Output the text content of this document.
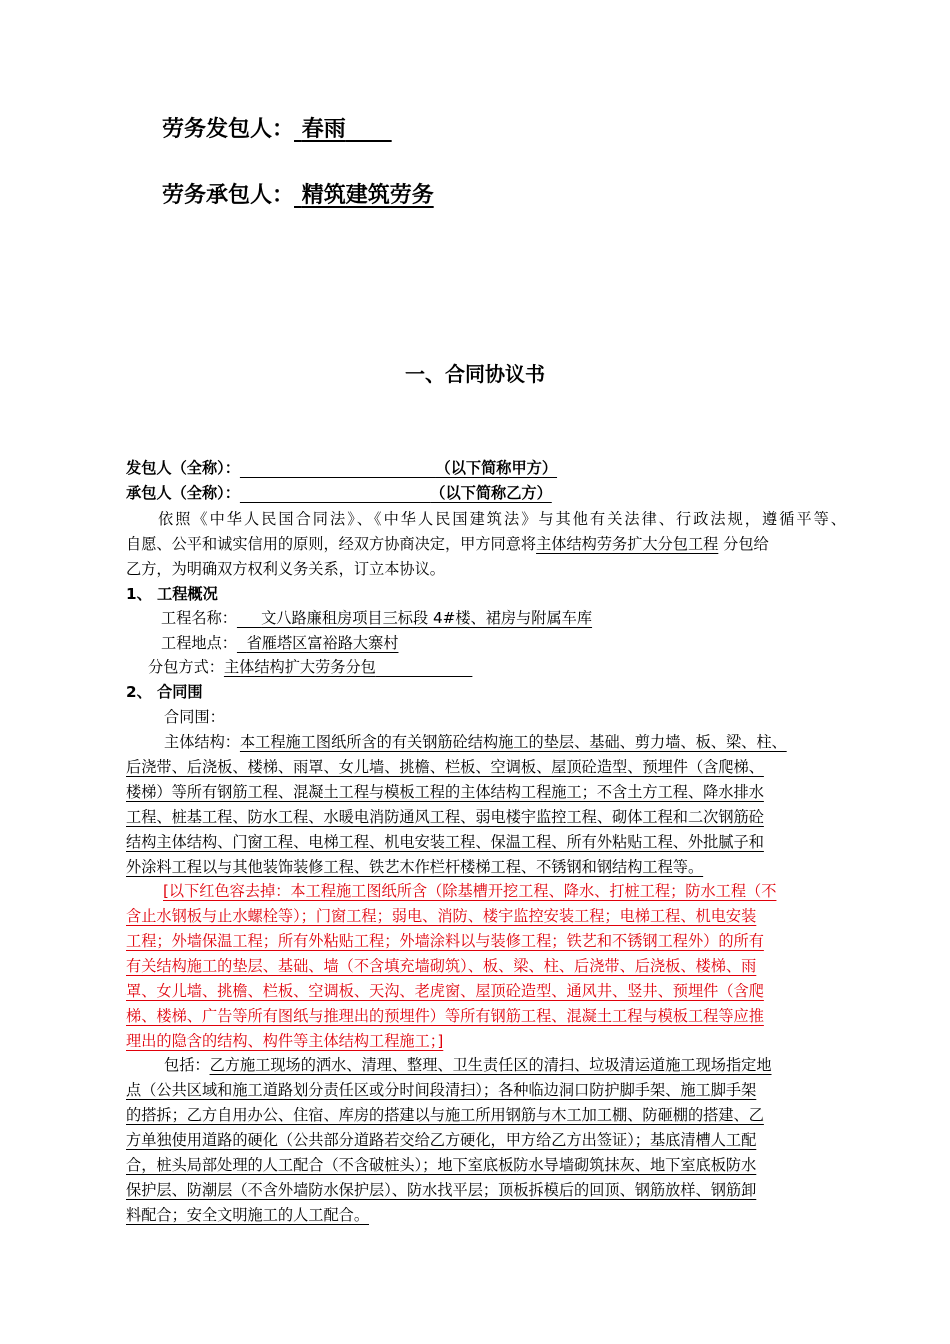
劳务发包人： 春雨
劳务承包人： 精筑建筑劳务
一、合同协议书
发包人（全称）：	（以下简称甲方）
承包人（全称）：	（以下简称乙方）
依照《中华人民国合同法》、《中华人民国建筑法》与其他有关法律、行政法规，遵循平等、
自愿、公平和诚实信用的原则，经双方协商决定，甲方同意将主体结构劳务扩大分包工程 分包给
乙方，为明确双方权利义务关系，订立本协议。
1、 工程概况
工程名称： 文八路廉租房项目三标段 4#楼、裙房与附属车库
工程地点： 省雁塔区富裕路大寨村
分包方式：主体结构扩大劳务分包
2、 合同围
合同围：
主体结构：本工程施工图纸所含的有关钢筋砼结构施工的垫层、基础、剪力墙、板、梁、柱、
后浇带、后浇板、楼梯、雨罩、女儿墙、挑檐、栏板、空调板、屋顶砼造型、预埋件（含爬梯、
楼梯）等所有钢筋工程、混凝土工程与模板工程的主体结构工程施工；不含土方工程、降水排水
工程、桩基工程、防水工程、水暖电消防通风工程、弱电楼宇监控工程、砌体工程和二次钢筋砼
结构主体结构、门窗工程、电梯工程、机电安装工程、保温工程、所有外粘贴工程、外批腻子和
外涂料工程以与其他装饰装修工程、铁艺木作栏杆楼梯工程、不锈钢和钢结构工程等。
[以下红色容去掉：本工程施工图纸所含（除基槽开挖工程、降水、打桩工程；防水工程（不
含止水钢板与止水螺栓等）；门窗工程；弱电、消防、楼宇监控安装工程；电梯工程、机电安装
工程；外墙保温工程；所有外粘贴工程；外墙涂料以与装修工程；铁艺和不锈钢工程外）的所有
有关结构施工的垫层、基础、墙（不含填充墙砌筑）、板、梁、柱、后浇带、后浇板、楼梯、雨
罩、女儿墙、挑檐、栏板、空调板、天沟、老虎窗、屋顶砼造型、通风井、竖井、预埋件（含爬
梯、楼梯、广告等所有图纸与推理出的预埋件）等所有钢筋工程、混凝土工程与模板工程等应推
理出的隐含的结构、构件等主体结构工程施工；]
包括：乙方施工现场的洒水、清理、整理、卫生责任区的清扫、垃圾清运道施工现场指定地
点（公共区域和施工道路划分责任区或分时间段清扫）；各种临边洞口防护脚手架、施工脚手架
的搭拆；乙方自用办公、住宿、库房的搭建以与施工所用钢筋与木工加工棚、防砸棚的搭建、乙
方单独使用道路的硬化（公共部分道路若交给乙方硬化，甲方给乙方出签证）；基底清槽人工配
合，桩头局部处理的人工配合（不含破桩头）；地下室底板防水导墙砌筑抹灰、地下室底板防水
保护层、防潮层（不含外墙防水保护层）、防水找平层；顶板拆模后的回顶、钢筋放样、钢筋卸
料配合；安全文明施工的人工配合。
